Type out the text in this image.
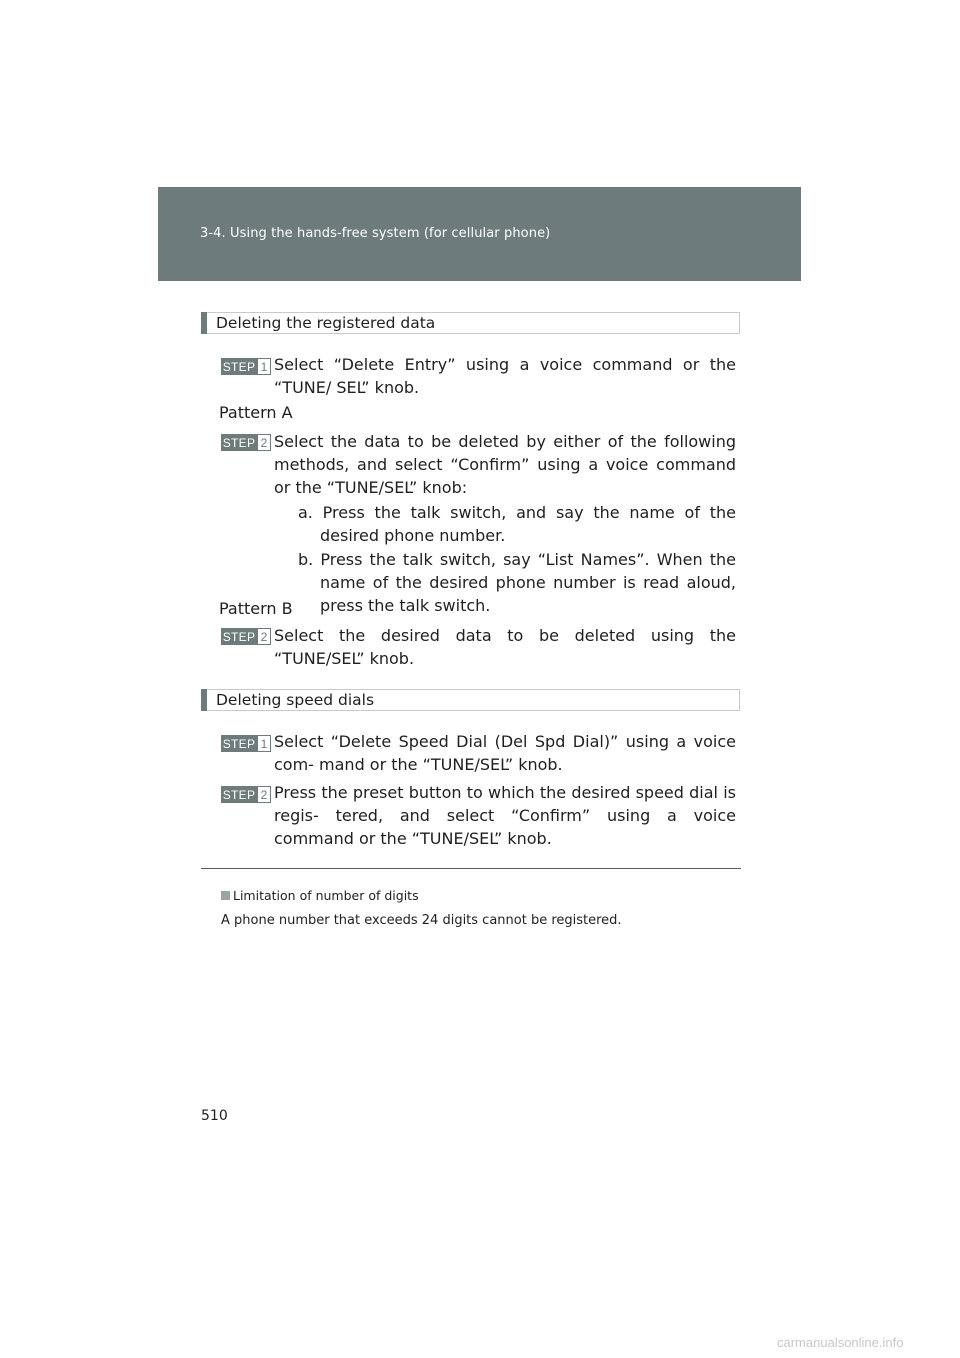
3-4. Using the hands-free system (for cellular phone)
Deleting the registered data
STEP 1 Select “Delete Entry” using a voice command or the “TUNE/ SEL” knob.
Pattern A
STEP 2 Select the data to be deleted by either of the following methods, and select “Confirm” using a voice command or the “TUNE/SEL” knob:
a. Press the talk switch, and say the name of the desired phone number.
b. Press the talk switch, say “List Names”. When the name of the desired phone number is read aloud, press the talk switch.
Pattern B
STEP 2 Select the desired data to be deleted using the “TUNE/SEL” knob.
Deleting speed dials
STEP 1 Select “Delete Speed Dial (Del Spd Dial)” using a voice com- mand or the “TUNE/SEL” knob.
STEP 2 Press the preset button to which the desired speed dial is regis- tered, and select “Confirm” using a voice command or the “TUNE/SEL” knob.
Limitation of number of digits
A phone number that exceeds 24 digits cannot be registered.
510
carmanualsonline.info
